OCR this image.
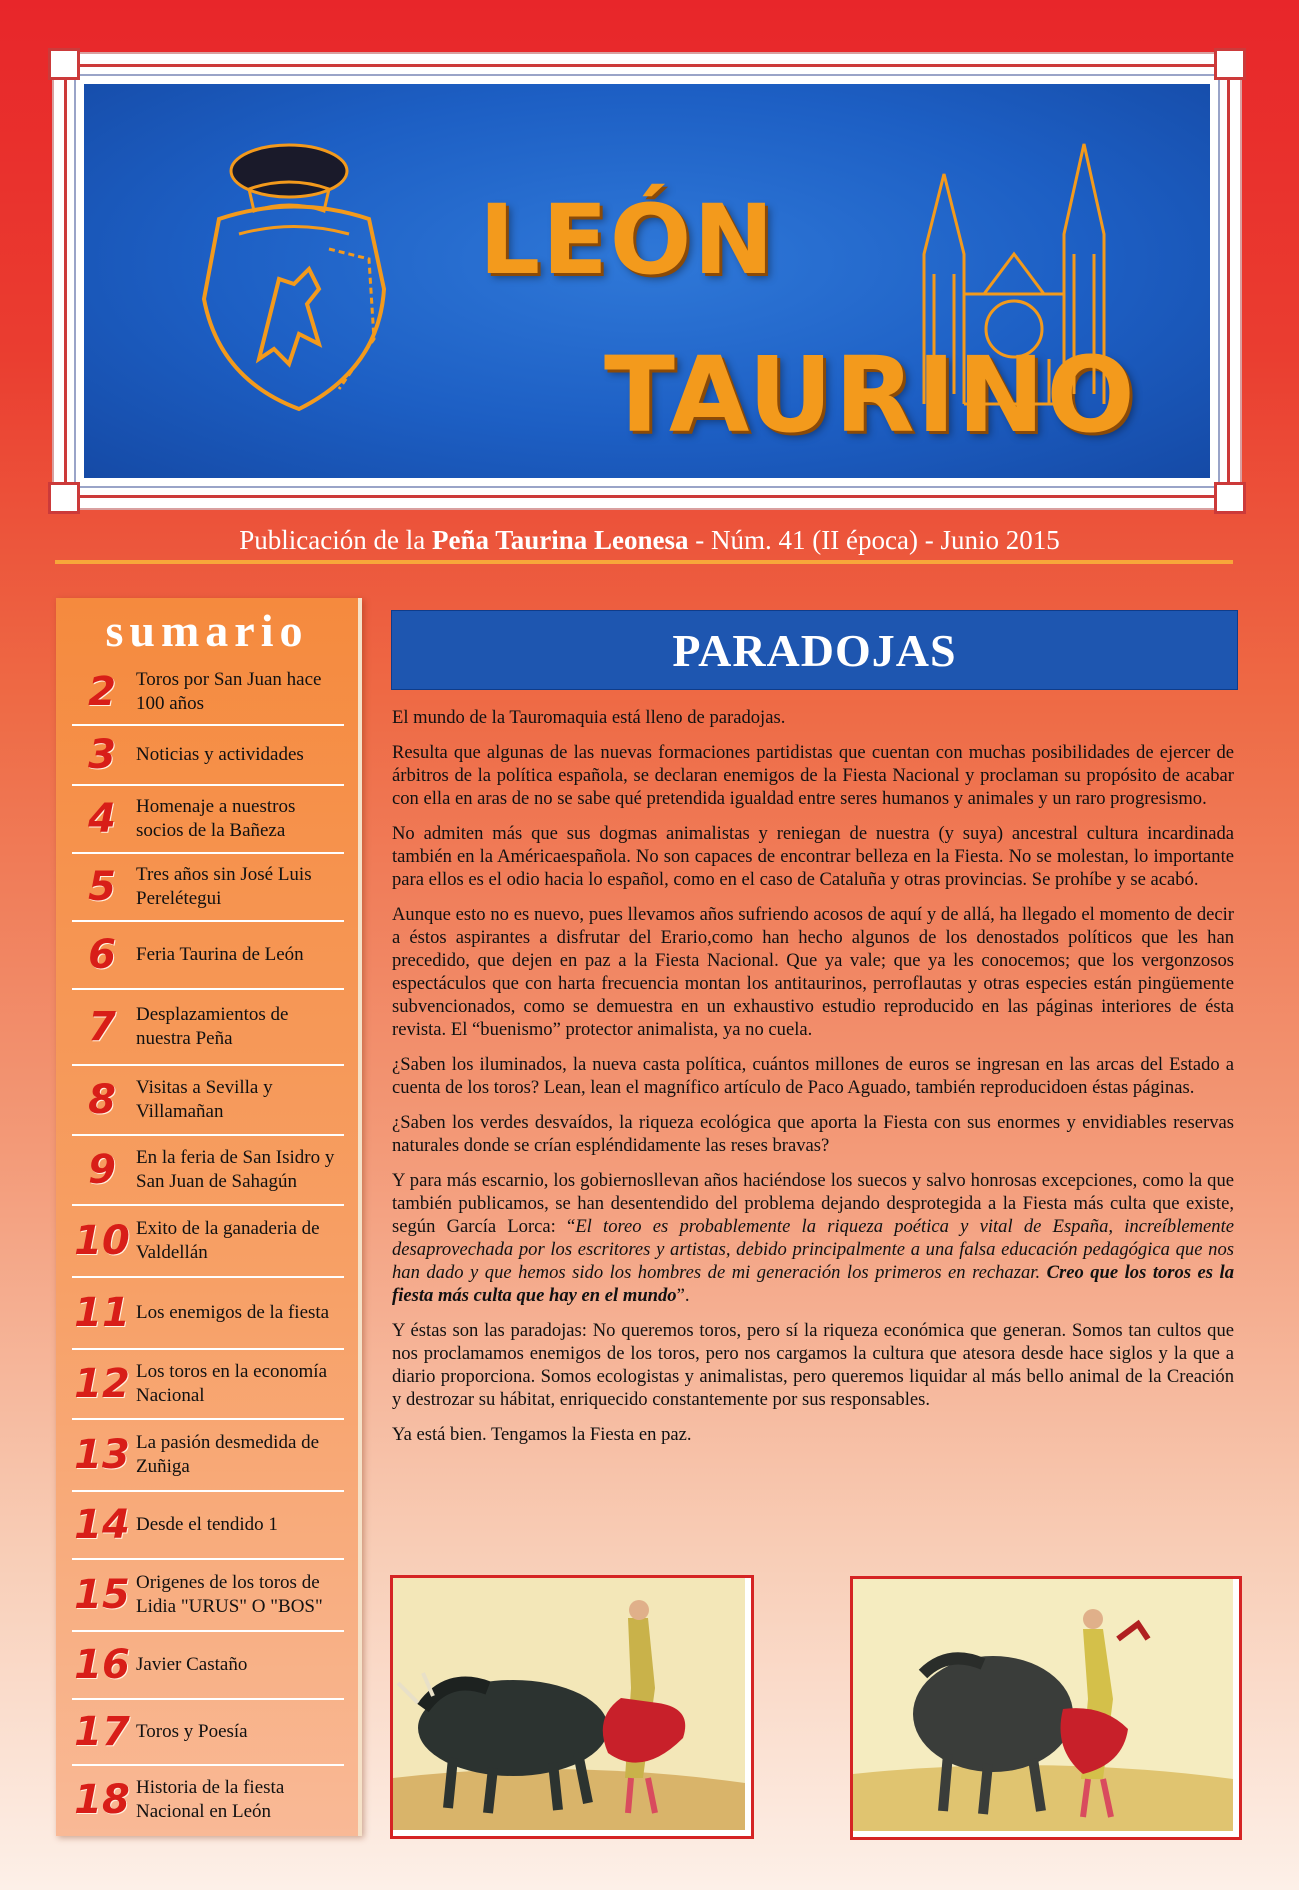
LEÓN
TAURINO
Publicación de la Peña Taurina Leonesa - Núm. 41 (II época) - Junio 2015
sumario
2	Toros por San Juan hace 100 años
3	Noticias y actividades
4	Homenaje a nuestros socios de la Bañeza
5	Tres años sin José Luis Perelétegui
6	Feria Taurina de León
7	Desplazamientos de nuestra Peña
8	Visitas a Sevilla y Villamañan
9	En la feria de San Isidro y San Juan de Sahagún
10 Exito de la ganaderia de Valdellán
11 Los enemigos de la fiesta
12 Los toros en la economía Nacional
13 La pasión desmedida de Zuñiga
14 Desde el tendido 1
15 Origenes de los toros de Lidia "URUS" O "BOS"
16 Javier Castaño
17 Toros y Poesía
18 Historia de la fiesta Nacional en León
PARADOJAS

El mundo de la Tauromaquia está lleno de paradojas.

Resulta que algunas de las nuevas formaciones partidistas que cuentan con muchas posibilidades de ejercer de árbitros de la política española, se declaran enemigos de la Fiesta Nacional y proclaman su propósito de acabar con ella en aras de no se sabe qué pretendida igualdad entre seres humanos y animales y un raro progresismo.

No admiten más que sus dogmas animalistas y reniegan de nuestra (y suya) ancestral cultura incardinada también en la Américaespañola. No son capaces de encontrar belleza en la Fiesta. No se molestan, lo importante para ellos es el odio hacia lo español, como en el caso de Cataluña y otras provincias. Se prohíbe y se acabó.

Aunque esto no es nuevo, pues llevamos años sufriendo acosos de aquí y de allá, ha llegado el momento de decir a éstos aspirantes a disfrutar del Erario,como han hecho algunos de los denostados políticos que les han precedido, que dejen en paz a la Fiesta Nacional. Que ya vale; que ya les conocemos; que los vergonzosos espectáculos que con harta frecuencia montan los antitaurinos, perroflautas y otras especies están pingüemente subvencionados, como se demuestra en un exhaustivo estudio reproducido en las páginas interiores de ésta revista. El “buenismo” protector animalista, ya no cuela.

¿Saben los iluminados, la nueva casta política, cuántos millones de euros se ingresan en las arcas del Estado a cuenta de los toros? Lean, lean el magnífico artículo de Paco Aguado, también reproducidoen éstas páginas.

¿Saben los verdes desvaídos, la riqueza ecológica que aporta la Fiesta con sus enormes y envidiables reservas naturales donde se crían espléndidamente las reses bravas?

Y para más escarnio, los gobiernosllevan años haciéndose los suecos y salvo honrosas excepciones, como la que también publicamos, se han desentendido del problema dejando desprotegida a la Fiesta más culta que existe, según García Lorca: “El toreo es probablemente la riqueza poética y vital de España, increíblemente desaprovechada por los escritores y artistas, debido principalmente a una falsa educación pedagógica que nos han dado y que hemos sido los hombres de mi generación los primeros en rechazar. Creo que los toros es la fiesta más culta que hay en el mundo”.

Y éstas son las paradojas: No queremos toros, pero sí la riqueza económica que generan. Somos tan cultos que nos proclamamos enemigos de los toros, pero nos cargamos la cultura que atesora desde hace siglos y la que a diario proporciona. Somos ecologistas y animalistas, pero queremos liquidar al más bello animal de la Creación y destrozar su hábitat, enriquecido constantemente por sus responsables.

Ya está bien. Tengamos la Fiesta en paz.
